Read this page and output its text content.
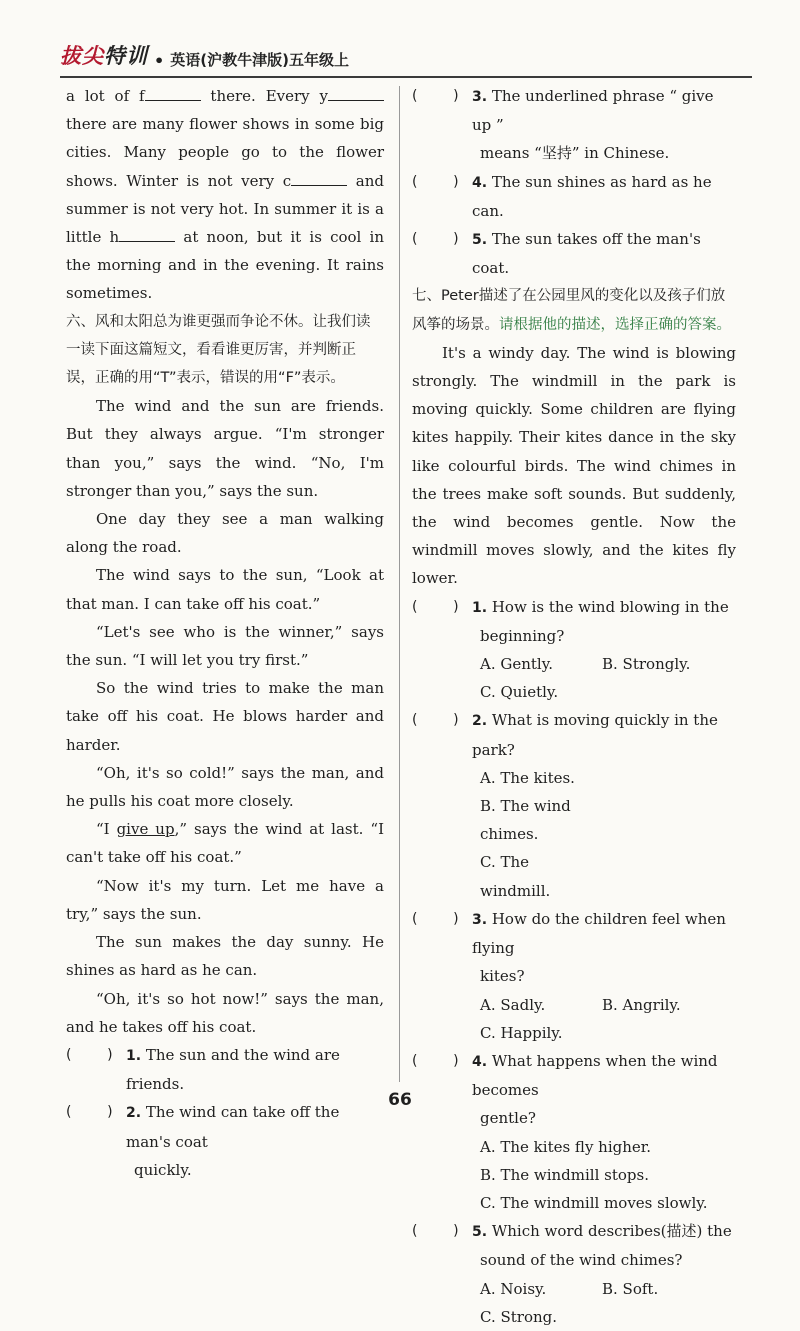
拔尖特训 • 英语(沪教牛津版)五年级上

a lot of f	there. Every y there are many flower shows in some big cities. Many people go to the flower shows. Winter is not very c	and summer is not very hot. In summer it is a little h	at noon, but it is cool in the morning and in the evening. It rains sometimes.

六、风和太阳总为谁更强而争论不休。让我们读一读下面这篇短文，看看谁更厉害，并判断正误，正确的用“T”表示，错误的用“F”表示。

The wind and the sun are friends. But they always argue. “I'm stronger than you,” says the wind. “No, I'm stronger than you,” says the sun.

One day they see a man walking along the road.

The wind says to the sun, “Look at that man. I can take off his coat.”

“Let's see who is the winner,” says the sun. “I will let you try first.”

So the wind tries to make the man take off his coat. He blows harder and harder.

“Oh, it's so cold!” says the man, and he pulls his coat more closely.

“I give up,” says the wind at last. “I can't take off his coat.”

“Now it's my turn. Let me have a try,” says the sun.

The sun makes the day sunny. He shines as hard as he can.

“Oh, it's so hot now!” says the man, and he takes off his coat.

(        ) 1. The sun and the wind are friends.
(        ) 2. The wind can take off the man's coat

quickly.

(        ) 3. The underlined phrase “ give up ”

means “坚持” in Chinese.

(        ) 4. The sun shines as hard as he can.
(        ) 5. The sun takes off the man's coat.

七、Peter描述了在公园里风的变化以及孩子们放风筝的场景。请根据他的描述，选择正确的答案。

It's a windy day. The wind is blowing strongly. The windmill in the park is moving quickly. Some children are flying kites happily. Their kites dance in the sky like colourful birds. The wind chimes in the trees make soft sounds. But suddenly, the wind becomes gentle. Now the windmill moves slowly, and the kites fly lower.

(        ) 1. How is the wind blowing in the

beginning?

A. Gently.	B. Strongly.
C. Quietly.
(        ) 2. What is moving quickly in the park?
A. The kites.
B. The wind chimes.
C. The windmill.
(        ) 3. How do the children feel when flying

kites?

A. Sadly.	B. Angrily.
C. Happily.
(        ) 4. What happens when the wind becomes

gentle?

A. The kites fly higher.
B. The windmill stops.
C. The windmill moves slowly.
(        ) 5. Which word describes(描述) the

sound of the wind chimes?

A. Noisy.	B. Soft.
C. Strong.
66
